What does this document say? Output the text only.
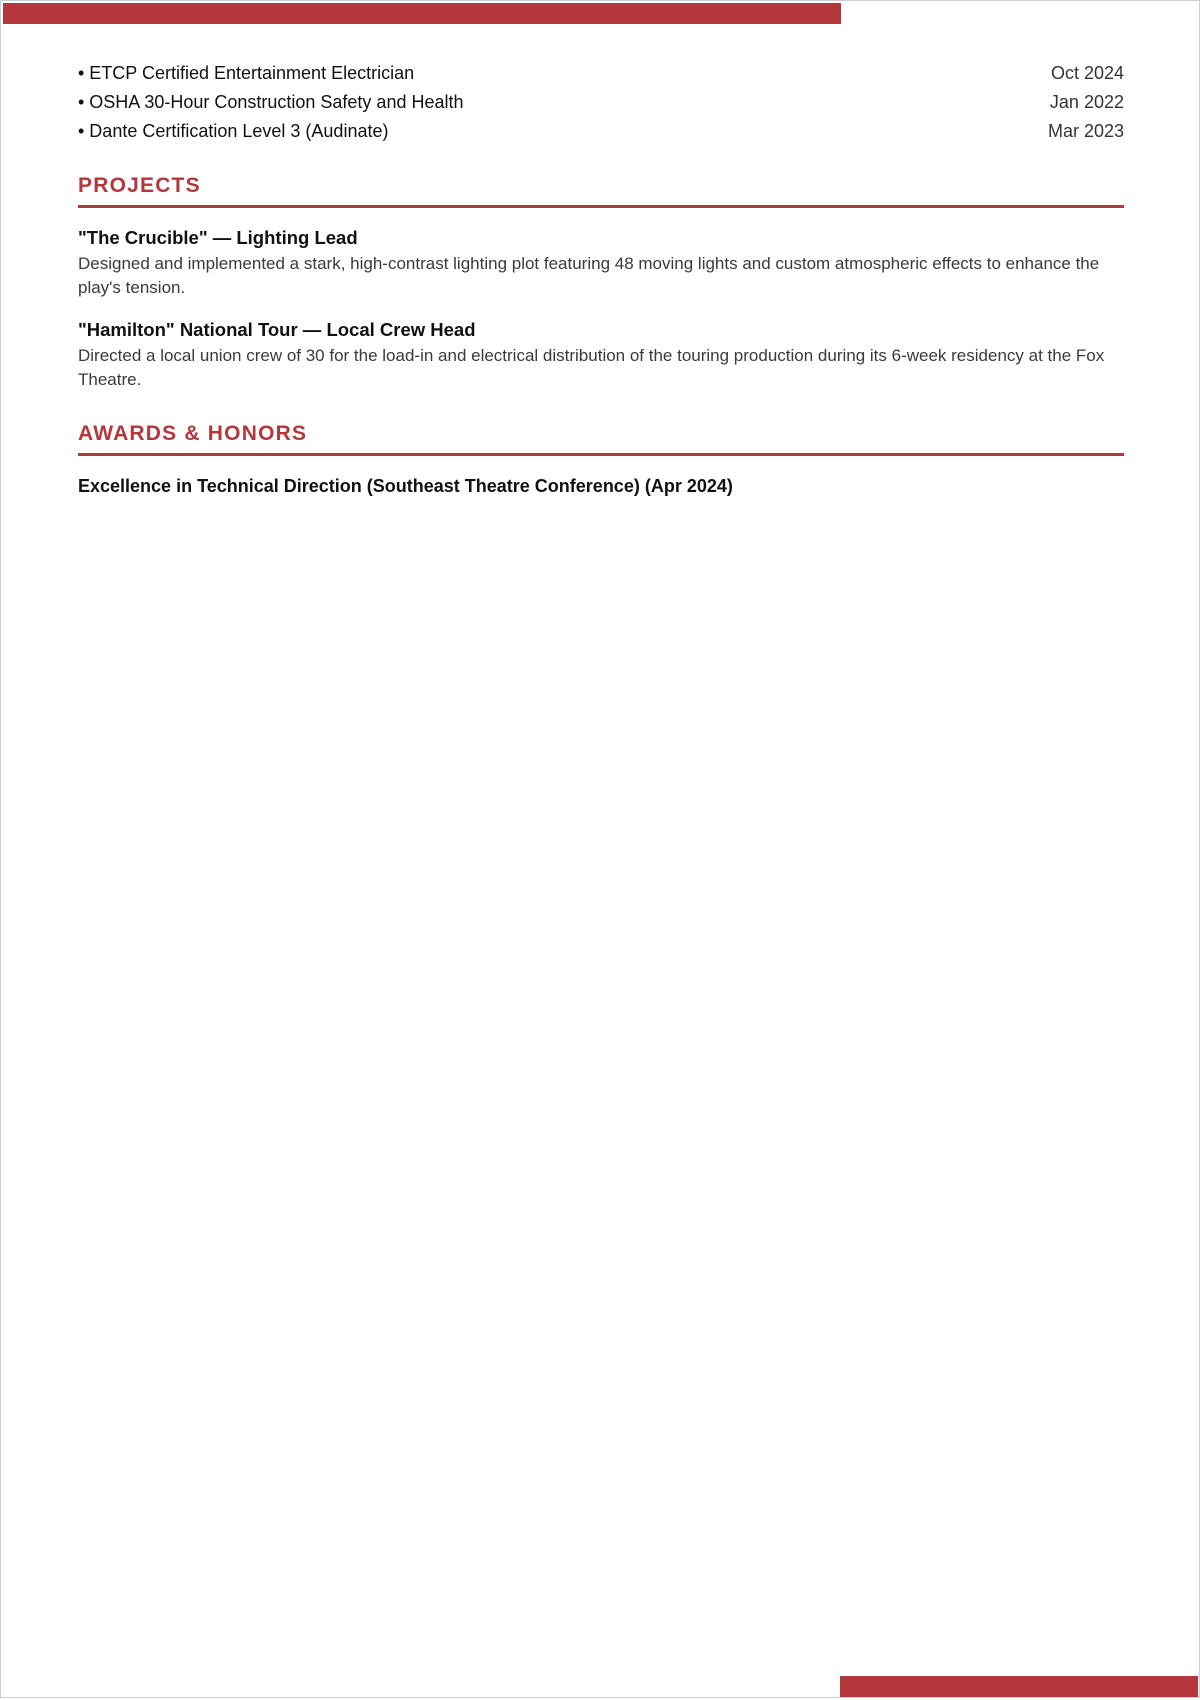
• ETCP Certified Entertainment Electrician	Oct 2024
• OSHA 30-Hour Construction Safety and Health	Jan 2022
• Dante Certification Level 3 (Audinate)	Mar 2023
PROJECTS
"The Crucible" — Lighting Lead
Designed and implemented a stark, high-contrast lighting plot featuring 48 moving lights and custom atmospheric effects to enhance the play's tension.
"Hamilton" National Tour — Local Crew Head
Directed a local union crew of 30 for the load-in and electrical distribution of the touring production during its 6-week residency at the Fox Theatre.
AWARDS & HONORS
Excellence in Technical Direction (Southeast Theatre Conference) (Apr 2024)
